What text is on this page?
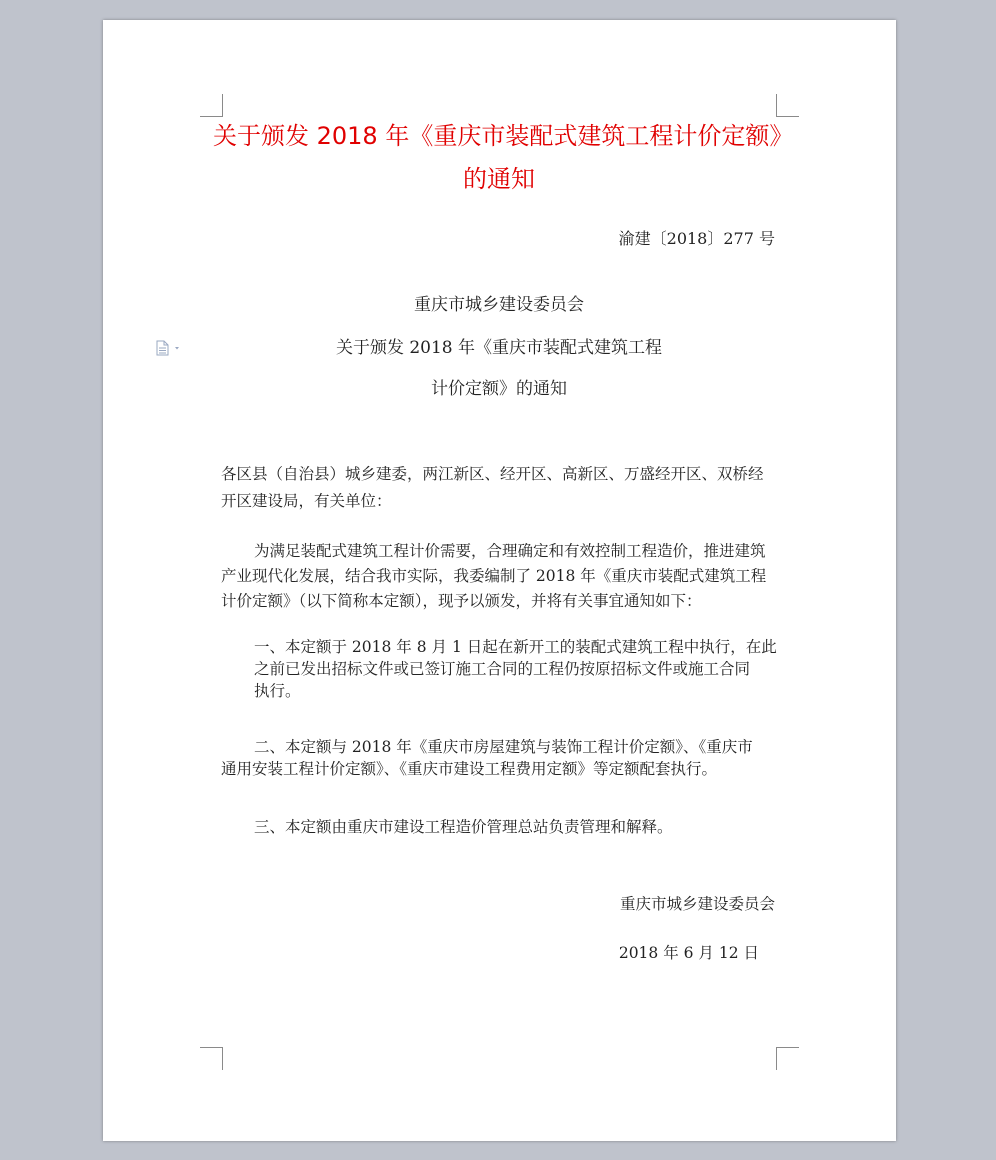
关于颁发 2018 年《重庆市装配式建筑工程计价定额》
的通知
渝建〔2018〕277 号
重庆市城乡建设委员会
关于颁发 2018 年《重庆市装配式建筑工程
计价定额》的通知
各区县（自治县）城乡建委，两江新区、经开区、高新区、万盛经开区、双桥经
开区建设局，有关单位：
为满足装配式建筑工程计价需要，合理确定和有效控制工程造价，推进建筑
产业现代化发展，结合我市实际，我委编制了 2018 年《重庆市装配式建筑工程
计价定额》（以下简称本定额），现予以颁发，并将有关事宜通知如下：
一、本定额于 2018 年 8 月 1 日起在新开工的装配式建筑工程中执行，在此
之前已发出招标文件或已签订施工合同的工程仍按原招标文件或施工合同
执行。
二、本定额与 2018 年《重庆市房屋建筑与装饰工程计价定额》、《重庆市
通用安装工程计价定额》、《重庆市建设工程费用定额》等定额配套执行。
三、本定额由重庆市建设工程造价管理总站负责管理和解释。
重庆市城乡建设委员会
2018 年 6 月 12 日
